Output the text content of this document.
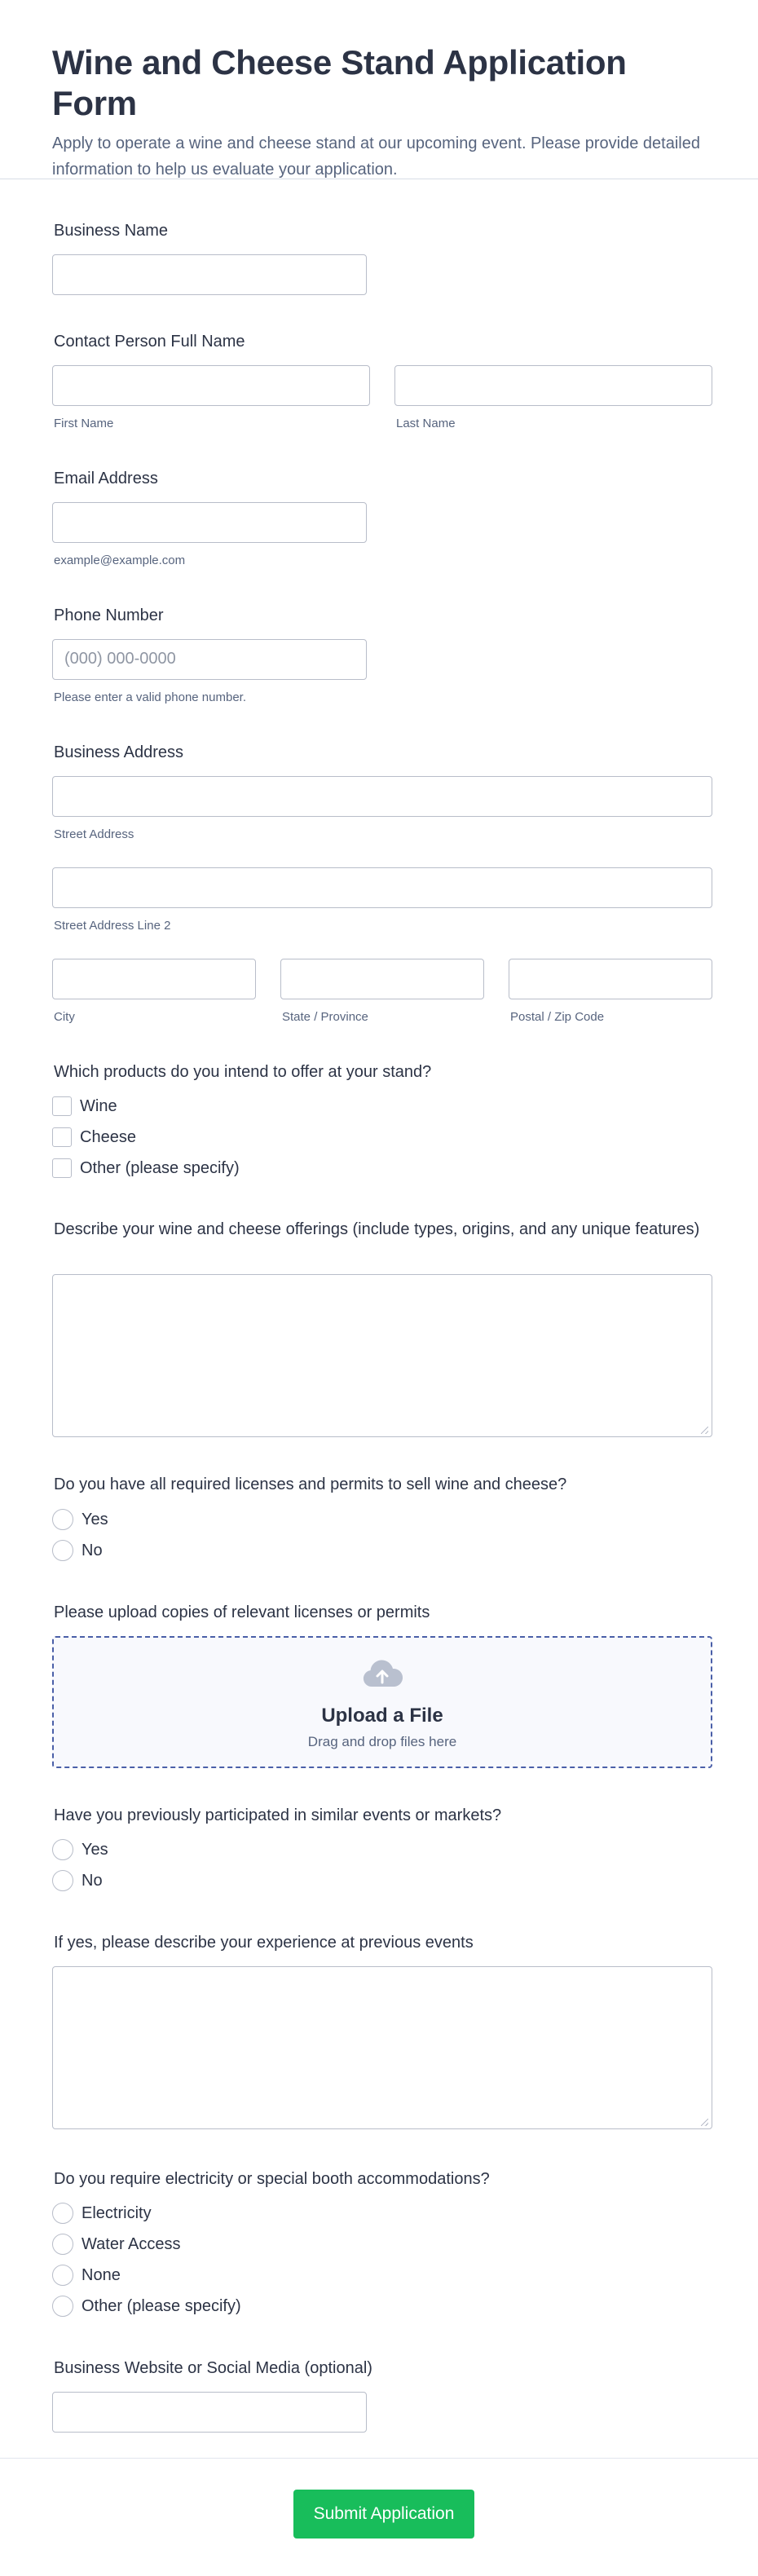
Wine and Cheese Stand Application Form

Apply to operate a wine and cheese stand at our upcoming event. Please provide detailed information to help us evaluate your application.

Business Name
Contact Person Full Name
First Name	Last Name
Email Address
example@example.com
Phone Number
(000) 000-0000
Please enter a valid phone number.
Business Address
Street Address
Street Address Line 2
City	State / Province	Postal / Zip Code
Which products do you intend to offer at your stand?
Wine
Cheese
Other (please specify)
Describe your wine and cheese offerings (include types, origins, and any unique features)
Do you have all required licenses and permits to sell wine and cheese?
Yes
No
Please upload copies of relevant licenses or permits
Upload a File
Drag and drop files here
Have you previously participated in similar events or markets?
Yes
No
If yes, please describe your experience at previous events
Do you require electricity or special booth accommodations?
Electricity
Water Access
None
Other (please specify)
Business Website or Social Media (optional)
Submit Application
